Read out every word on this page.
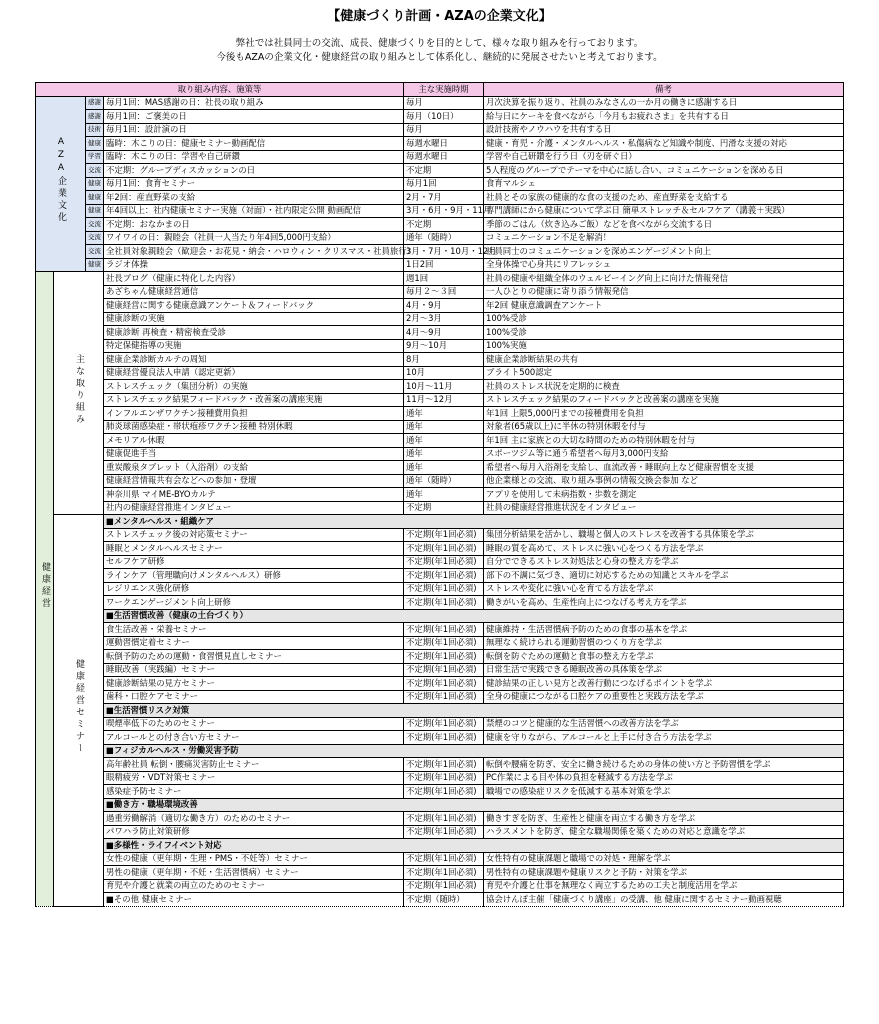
【健康づくり計画・AZAの企業文化】
弊社では社員同士の交流、成長、健康づくりを目的として、様々な取り組みを行っております。
今後もAZAの企業文化・健康経営の取り組みとして体系化し、継続的に発展させたいと考えております。
取り組み内容、施策等				主な実施時期	備考
AZA企業文化		感謝	毎月1回：MAS感謝の日：社長の取り組み	毎月	月次決算を振り返り、社員のみなさんの一か月の働きに感謝する日
		感謝	毎月1回：ご褒美の日	毎月（10日）	給与日にケーキを食べながら「今月もお疲れさま」を共有する日
		技術	毎月1回：設計演の日	毎月	設計技術やノウハウを共有する日
		健康	臨時：木こりの日：健康セミナー動画配信	毎週水曜日	健康・育児・介護・メンタルヘルス・私傷病など知識や制度、円滑な支援の対応
		学習	臨時：木こりの日：学習や自己研鑽	毎週水曜日	学習や自己研鑽を行う日（刃を研ぐ日）
		交流	不定期：グループディスカッションの日	不定期	5人程度のグループでテーマを中心に話し合い、コミュニケーションを深める日
		健康	毎月1回：食育セミナー	毎月1回	食育マルシェ
		健康	年2回：産直野菜の支給	2月・7月	社員とその家族の健康的な食の支援のため、産直野菜を支給する
		健康	年4回以上：社内健康セミナー実施（対面）・社内限定公開 動画配信	3月・6月・9月・11月	専門講師にから健康について学ぶ日 簡単ストレッチ＆セルフケア（講義＋実践）
		交流	不定期：おなかまの日	不定期	季節のごはん（炊き込みご飯）などを食べながら交流する日
		交流	ワイワイの日：親睦会（社員一人当たり年4回5,000円支給）	通年（随時）	コミュニケーション不足を解消！
		交流	全社員対象親睦会（歓迎会・お花見・納会・ハロウィン・クリスマス・社員旅行）	3月・7月・10月・12月	社員同士のコミュニケーションを深めエンゲージメント向上
		健康	ラジオ体操	1日2回	全身体操で心身共にリフレッシュ
健康経営	主な取り組み		社長ブログ（健康に特化した内容）	週1回	社員の健康や組織全体のウェルビーイング向上に向けた情報発信
			あざちゃん健康経営通信	毎月２～３回	一人ひとりの健康に寄り添う情報発信
			健康経営に関する健康意識アンケート＆フィードバック	4月・9月	年2回 健康意識調査アンケート
			健康診断の実施	2月～3月	100%受診
			健康診断 再検査・精密検査受診	4月～9月	100%受診
			特定保健指導の実施	9月～10月	100%実施
			健康企業診断カルテの周知	8月	健康企業診断結果の共有
			健康経営優良法人申請（認定更新）	10月	ブライト500認定
			ストレスチェック（集団分析）の実施	10月～11月	社員のストレス状況を定期的に検査
			ストレスチェック結果フィードバック・改善案の講座実施	11月～12月	ストレスチェック結果のフィードバックと改善案の講座を実施
			インフルエンザワクチン接種費用負担	通年	年1回 上限5,000円までの接種費用を負担
			肺炎球菌感染症・帯状疱疹ワクチン接種 特別休暇	通年	対象者(65歳以上)に半休の特別休暇を付与
			メモリアル休暇	通年	年1回 主に家族との大切な時間のための特別休暇を付与
			健康促進手当	通年	スポーツジム等に通う希望者へ毎月3,000円支給
			重炭酸泉タブレット（入浴剤）の支給	通年	希望者へ毎月入浴剤を支給し、血流改善・睡眠向上など健康習慣を支援
			健康経営情報共有会などへの参加・登壇	通年（随時）	他企業様との交流、取り組み事例の情報交換会参加 など
			神奈川県 マイME-BYOカルテ	通年	アプリを使用して未病指数・歩数を測定
			社内の健康経営推進インタビュー	不定期	社員の健康経営推進状況をインタビュー
	健康経営セミナー		■メンタルヘルス・組織ケア		
			ストレスチェック後の対応策セミナー	不定期(年1回必須)	集団分析結果を活かし、職場と個人のストレスを改善する具体策を学ぶ
			睡眠とメンタルヘルスセミナー	不定期(年1回必須)	睡眠の質を高めて、ストレスに強い心をつくる方法を学ぶ
			セルフケア研修	不定期(年1回必須)	自分でできるストレス対処法と心身の整え方を学ぶ
			ラインケア（管理職向けメンタルヘルス）研修	不定期(年1回必須)	部下の不調に気づき、適切に対応するための知識とスキルを学ぶ
			レジリエンス強化研修	不定期(年1回必須)	ストレスや変化に強い心を育てる方法を学ぶ
			ワークエンゲージメント向上研修	不定期(年1回必須)	働きがいを高め、生産性向上につなげる考え方を学ぶ
			■生活習慣改善（健康の土台づくり）		
			食生活改善・栄養セミナー	不定期(年1回必須)	健康維持・生活習慣病予防のための食事の基本を学ぶ
			運動習慣定着セミナー	不定期(年1回必須)	無理なく続けられる運動習慣のつくり方を学ぶ
			転倒予防のための運動・食習慣見直しセミナー	不定期(年1回必須)	転倒を防ぐための運動と食事の整え方を学ぶ
			睡眠改善（実践編）セミナー	不定期(年1回必須)	日常生活で実践できる睡眠改善の具体策を学ぶ
			健康診断結果の見方セミナー	不定期(年1回必須)	健診結果の正しい見方と改善行動につなげるポイントを学ぶ
			歯科・口腔ケアセミナー	不定期(年1回必須)	全身の健康につながる口腔ケアの重要性と実践方法を学ぶ
			■生活習慣リスク対策		
			喫煙率低下のためのセミナー	不定期(年1回必須)	禁煙のコツと健康的な生活習慣への改善方法を学ぶ
			アルコールとの付き合い方セミナー	不定期(年1回必須)	健康を守りながら、アルコールと上手に付き合う方法を学ぶ
			■フィジカルヘルス・労働災害予防		
			高年齢社員 転倒・腰痛災害防止セミナー	不定期(年1回必須)	転倒や腰痛を防ぎ、安全に働き続けるための身体の使い方と予防習慣を学ぶ
			眼精疲労・VDT対策セミナー	不定期(年1回必須)	PC作業による目や体の負担を軽減する方法を学ぶ
			感染症予防セミナー	不定期(年1回必須)	職場での感染症リスクを低減する基本対策を学ぶ
			■働き方・職場環境改善		
			過重労働解消（適切な働き方）のためのセミナー	不定期(年1回必須)	働きすぎを防ぎ、生産性と健康を両立する働き方を学ぶ
			パワハラ防止対策研修	不定期(年1回必須)	ハラスメントを防ぎ、健全な職場関係を築くための対応と意識を学ぶ
			■多様性・ライフイベント対応		
			女性の健康（更年期・生理・PMS・不妊等）セミナー	不定期(年1回必須)	女性特有の健康課題と職場での対処・理解を学ぶ
			男性の健康（更年期・不妊・生活習慣病）セミナー	不定期(年1回必須)	男性特有の健康課題や健康リスクと予防・対策を学ぶ
			育児や介護と就業の両立のためのセミナー	不定期(年1回必須)	育児や介護と仕事を無理なく両立するための工夫と制度活用を学ぶ
			■その他 健康セミナー	不定期（随時）	協会けんぽ主催「健康づくり講座」の受講、他 健康に関するセミナー動画視聴
